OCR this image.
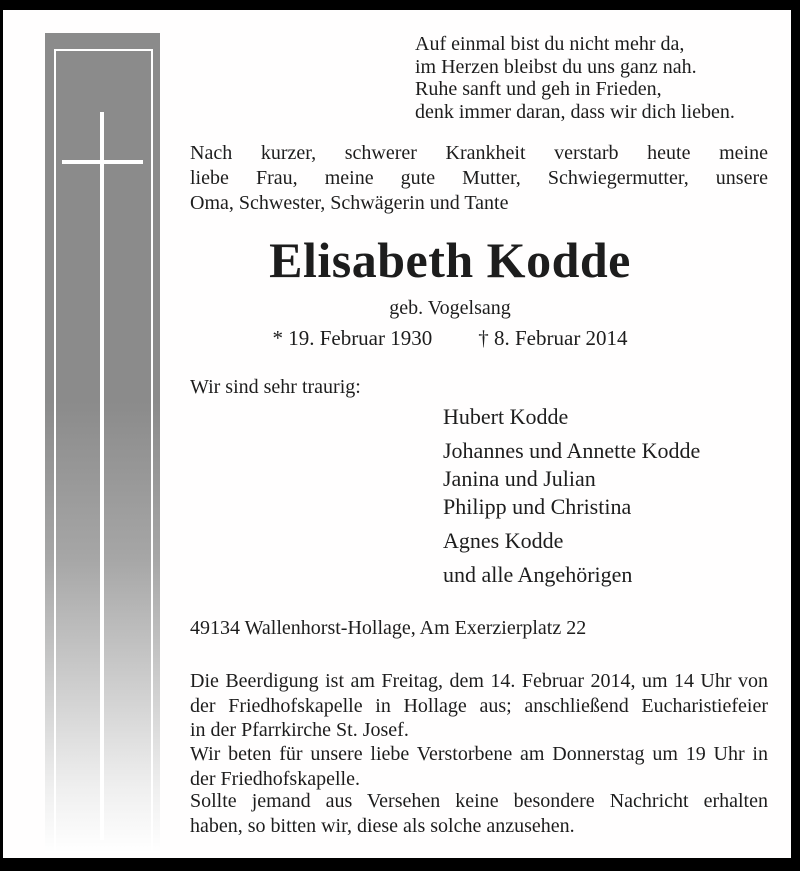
Auf einmal bist du nicht mehr da,
im Herzen bleibst du uns ganz nah.
Ruhe sanft und geh in Frieden,
denk immer daran, dass wir dich lieben.
Nach kurzer, schwerer Krankheit verstarb heute meine
liebe Frau, meine gute Mutter, Schwiegermutter, unsere
Oma, Schwester, Schwägerin und Tante
Elisabeth Kodde
geb. Vogelsang
* 19. Februar 1930 † 8. Februar 2014
Wir sind sehr traurig:
Hubert Kodde
Johannes und Annette Kodde
Janina und Julian
Philipp und Christina
Agnes Kodde
und alle Angehörigen
49134 Wallenhorst-Hollage, Am Exerzierplatz 22
Die Beerdigung ist am Freitag, dem 14. Februar 2014, um 14 Uhr von
der Friedhofskapelle in Hollage aus; anschließend Eucharistiefeier
in der Pfarrkirche St. Josef.
Wir beten für unsere liebe Verstorbene am Donnerstag um 19 Uhr in
der Friedhofskapelle.
Sollte jemand aus Versehen keine besondere Nachricht erhalten
haben, so bitten wir, diese als solche anzusehen.
